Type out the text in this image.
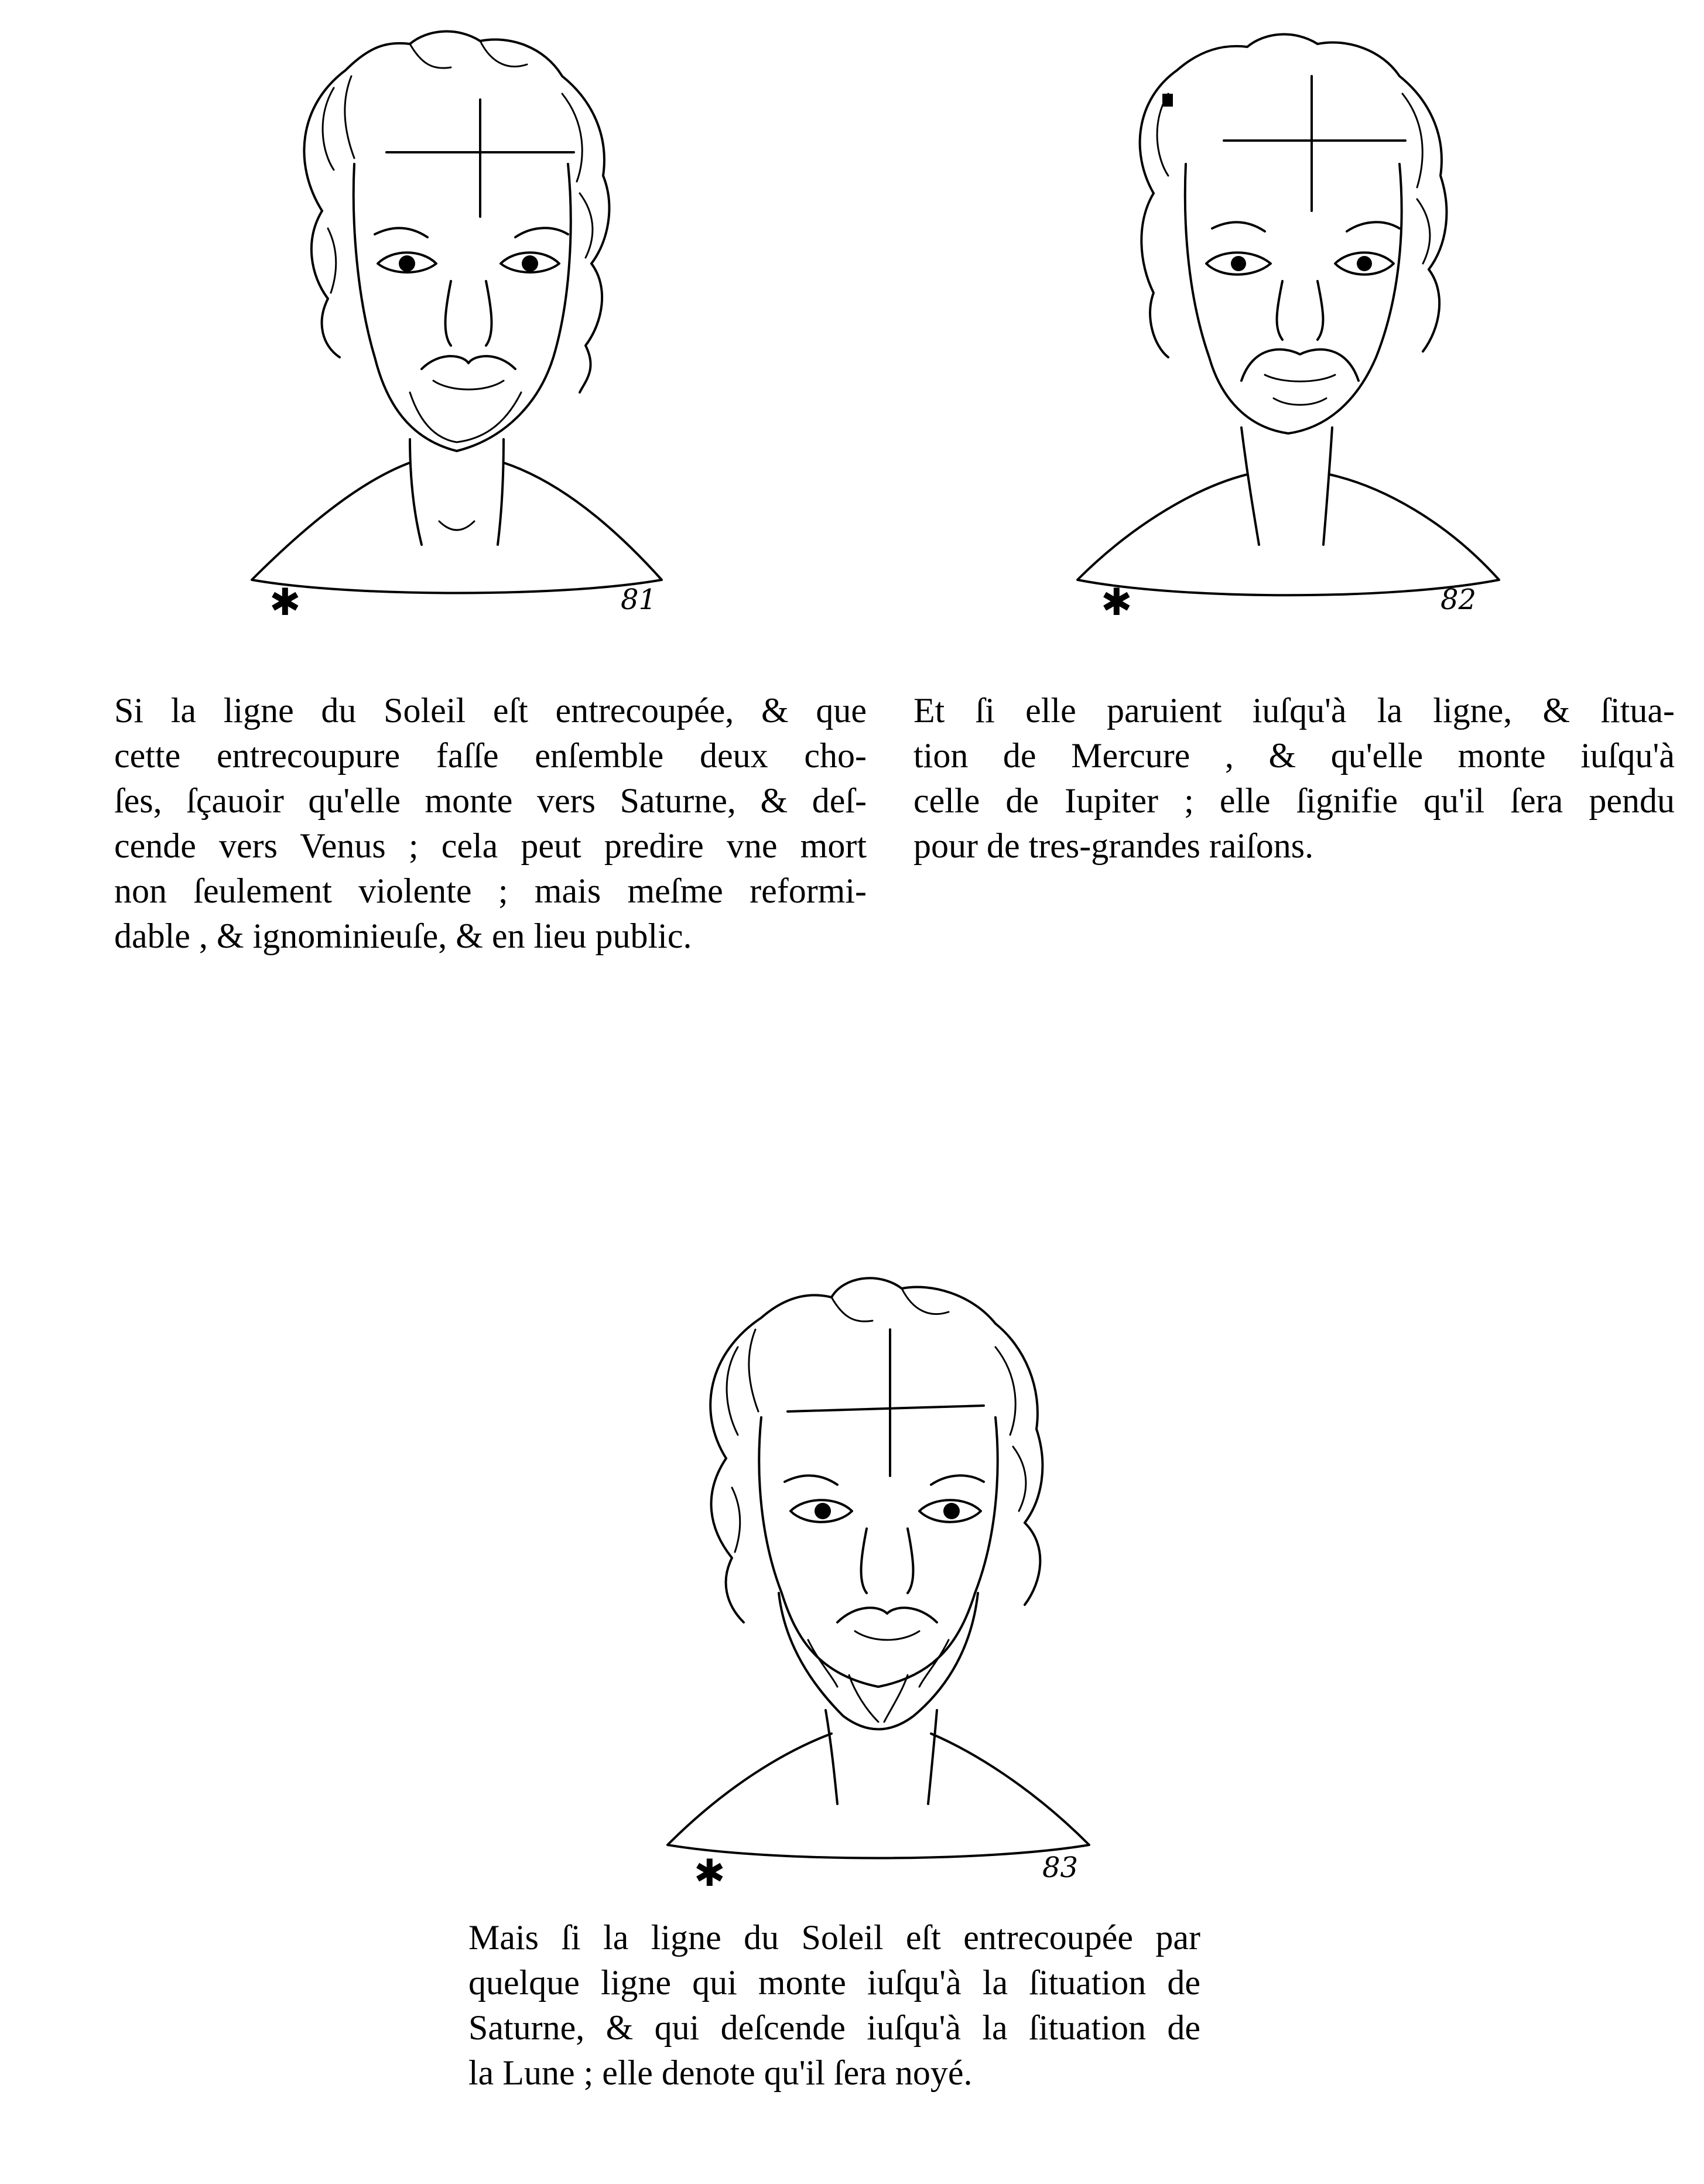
✱	81	✱	82
Si la ligne du Soleil eſt entrecoupée, & que
cette entrecoupure faſſe enſemble deux cho-
ſes, ſçauoir qu'elle monte vers Saturne, & deſ-
cende vers Venus ; cela peut predire vne mort
non ſeulement violente ; mais meſme reformi-
dable , & ignominieuſe, & en lieu public.
Et ſi elle paruient iuſqu'à la ligne, & ſitua-
tion de Mercure , & qu'elle monte iuſqu'à
celle de Iupiter ; elle ſignifie qu'il ſera pendu
pour de tres-grandes raiſons.
✱	83
Mais ſi la ligne du Soleil eſt entrecoupée par
quelque ligne qui monte iuſqu'à la ſituation de
Saturne, & qui deſcende iuſqu'à la ſituation de
la Lune ; elle denote qu'il ſera noyé.
